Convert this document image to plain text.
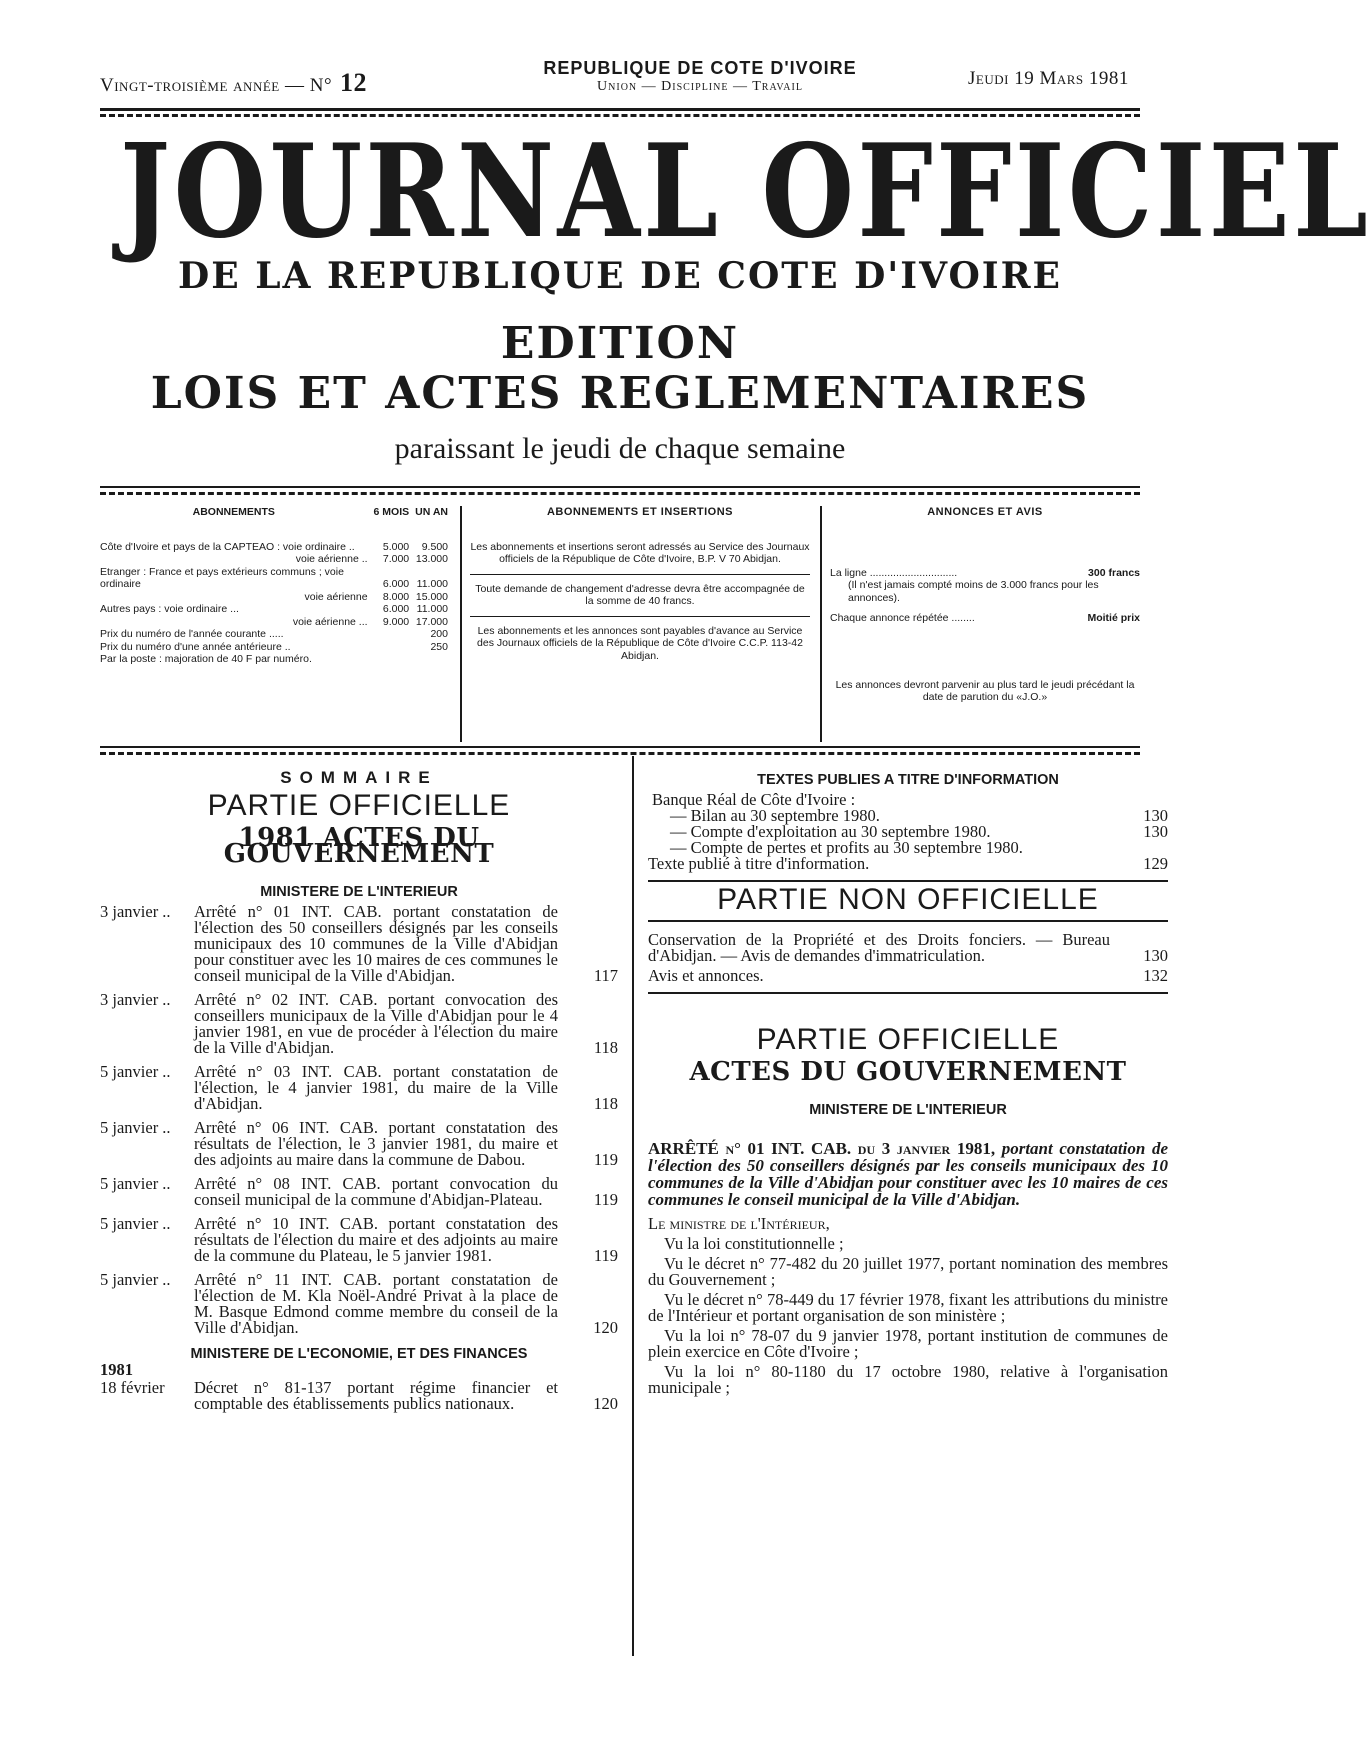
Vingt-troisième année — N° 12	REPUBLIQUE DE COTE D'IVOIRE
Union — Discipline — Travail	Jeudi 19 Mars 1981
JOURNAL OFFICIEL
DE LA REPUBLIQUE DE COTE D'IVOIRE
EDITION
LOIS ET ACTES REGLEMENTAIRES
paraissant le jeudi de chaque semaine
ABONNEMENTS	6 MOIS	UN AN

Côte d'Ivoire et pays de la CAPTEAO : voie ordinaire ..	5.000	9.500
voie aérienne ..	7.000	13.000
Etranger : France et pays extérieurs communs ; voie ordinaire	6.000	11.000
voie aérienne	8.000	15.000
Autres pays : voie ordinaire ...	6.000	11.000
voie aérienne ...	9.000	17.000
Prix du numéro de l'année courante .....		200
Prix du numéro d'une année antérieure ..		250
Par la poste : majoration de 40 F par numéro.		
ABONNEMENTS ET INSERTIONS
Les abonnements et insertions seront adressés au Service des Journaux officiels de la République de Côte d'Ivoire, B.P. V 70 Abidjan.
Toute demande de changement d'adresse devra être accompagnée de la somme de 40 francs.
Les abonnements et les annonces sont payables d'avance au Service des Journaux officiels de la République de Côte d'Ivoire C.C.P. 113-42 Abidjan.
ANNONCES ET AVIS
La ligne ..............................	300 francs
(Il n'est jamais compté moins de 3.000 francs pour les annonces).
Chaque annonce répétée ........	Moitié prix
Les annonces devront parvenir au plus tard le jeudi précédant la date de parution du «J.O.»
SOMMAIRE
PARTIE OFFICIELLE
1981 ACTES DU GOUVERNEMENT
MINISTERE DE L'INTERIEUR
3 janvier ..	Arrêté n° 01 INT. CAB. portant constatation de l'élection des 50 conseillers désignés par les conseils municipaux des 10 communes de la Ville d'Abidjan pour constituer avec les 10 maires de ces communes le conseil municipal de la Ville d'Abidjan.	117
3 janvier ..	Arrêté n° 02 INT. CAB. portant convocation des conseillers municipaux de la Ville d'Abidjan pour le 4 janvier 1981, en vue de procéder à l'élection du maire de la Ville d'Abidjan.	118
5 janvier ..	Arrêté n° 03 INT. CAB. portant constatation de l'élection, le 4 janvier 1981, du maire de la Ville d'Abidjan.	118
5 janvier ..	Arrêté n° 06 INT. CAB. portant constatation des résultats de l'élection, le 3 janvier 1981, du maire et des adjoints au maire dans la commune de Dabou.	119
5 janvier ..	Arrêté n° 08 INT. CAB. portant convocation du conseil municipal de la commune d'Abidjan-Plateau.	119
5 janvier ..	Arrêté n° 10 INT. CAB. portant constatation des résultats de l'élection du maire et des adjoints au maire de la commune du Plateau, le 5 janvier 1981.	119
5 janvier ..	Arrêté n° 11 INT. CAB. portant constatation de l'élection de M. Kla Noël-André Privat à la place de M. Basque Edmond comme membre du conseil de la Ville d'Abidjan.	120
MINISTERE DE L'ECONOMIE, ET DES FINANCES
1981
18 février	Décret n° 81-137 portant régime financier et comptable des établissements publics nationaux.	120
TEXTES PUBLIES A TITRE D'INFORMATION
Banque Réal de Côte d'Ivoire :
— Bilan au 30 septembre 1980.	130
— Compte d'exploitation au 30 septembre 1980.	130
— Compte de pertes et profits au 30 septembre 1980.
Texte publié à titre d'information.	129
PARTIE NON OFFICIELLE
Conservation de la Propriété et des Droits fonciers. — Bureau d'Abidjan. — Avis de demandes d'immatriculation.	130
Avis et annonces.	132
PARTIE OFFICIELLE
ACTES DU GOUVERNEMENT
MINISTERE DE L'INTERIEUR
ARRÊTÉ n° 01 INT. CAB. du 3 janvier 1981, portant constatation de l'élection des 50 conseillers désignés par les conseils municipaux des 10 communes de la Ville d'Abidjan pour constituer avec les 10 maires de ces communes le conseil municipal de la Ville d'Abidjan.
Le ministre de l'Intérieur,
Vu la loi constitutionnelle ;
Vu le décret n° 77-482 du 20 juillet 1977, portant nomination des membres du Gouvernement ;
Vu le décret n° 78-449 du 17 février 1978, fixant les attributions du ministre de l'Intérieur et portant organisation de son ministère ;
Vu la loi n° 78-07 du 9 janvier 1978, portant institution de communes de plein exercice en Côte d'Ivoire ;
Vu la loi n° 80-1180 du 17 octobre 1980, relative à l'organisation municipale ;
